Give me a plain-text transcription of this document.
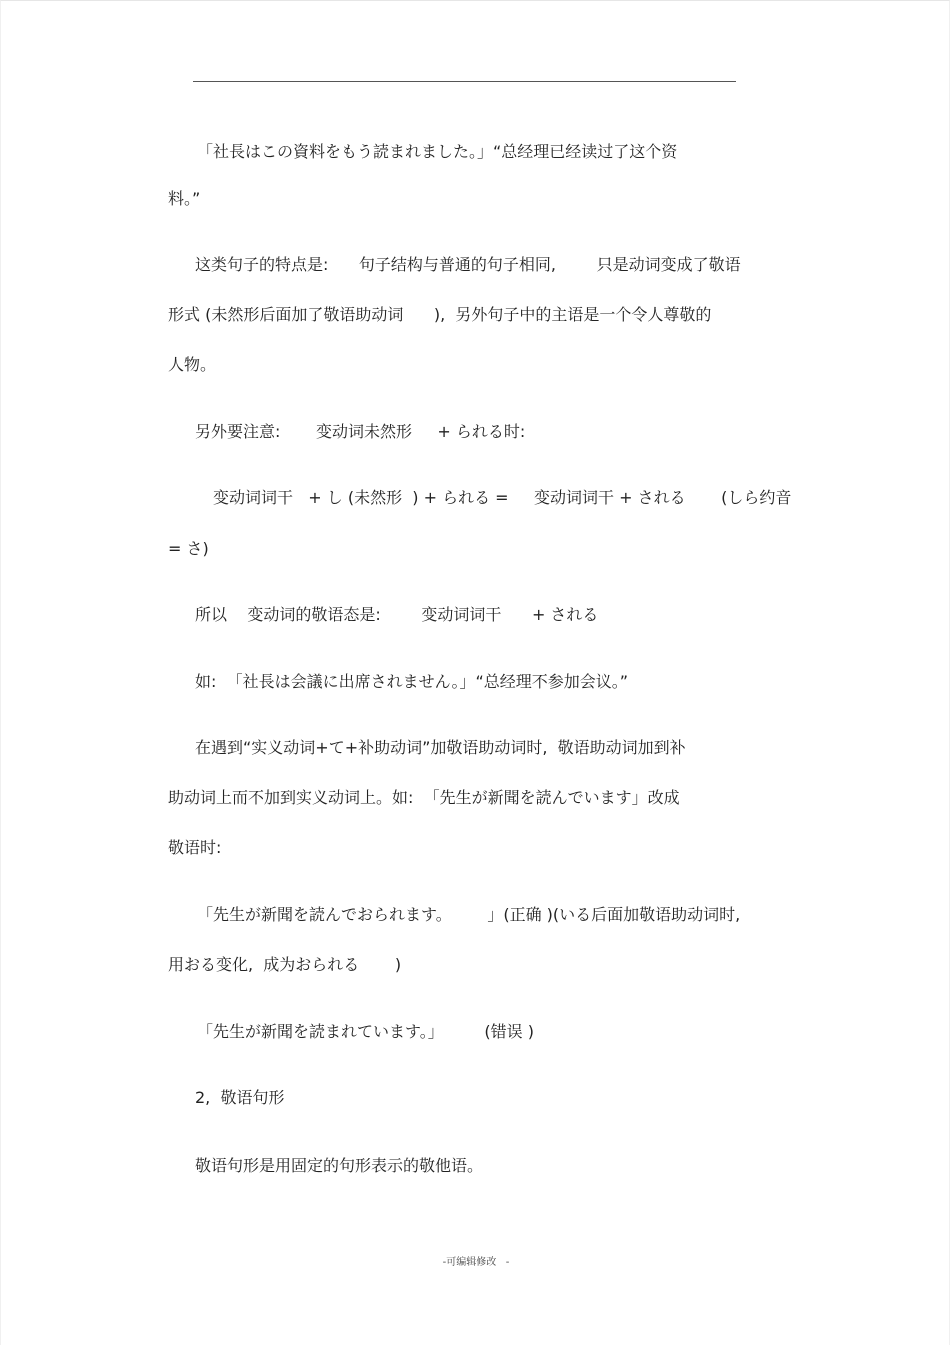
「社長はこの資料をもう読まれました。」“总经理已经读过了这个资
料。”
这类句子的特点是:      句子结构与普通的句子相同,        只是动词变成了敬语
形式 (未然形后面加了敬语助动词      ),  另外句子中的主语是一个令人尊敬的
人物。
另外要注意:       变动词未然形     + られる时:
变动词词干   + し (未然形  ) + られる =     变动词词干 + される       (しら约音
= さ)
所以    变动词的敬语态是:        变动词词干      + される
如:  「社長は会議に出席されません。」“总经理不参加会议。”
在遇到“实义动词+て+补助动词”加敬语助动词时,  敬语助动词加到补
助动词上而不加到实义动词上。如:  「先生が新聞を読んでいます」改成
敬语时:
「先生が新聞を読んでおられます。       」(正确 )(いる后面加敬语助动词时,
用おる变化,  成为おられる       )
「先生が新聞を読まれています。」        (错误 )
2,  敬语句形
敬语句形是用固定的句形表示的敬他语。
-可编辑修改   -
